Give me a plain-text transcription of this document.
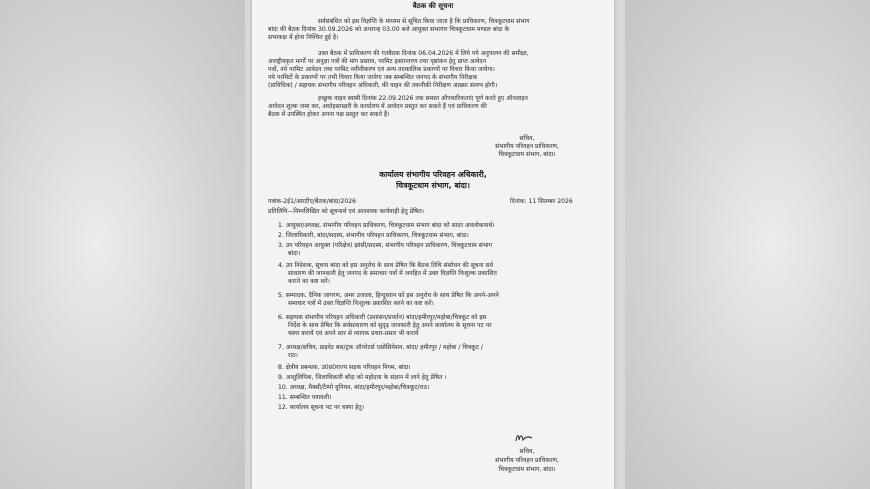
बैठक की सूचना
सर्वसंबंधित को इस विज्ञप्ति के माध्यम से सूचित किया जाता है कि प्राधिकरण, चित्रकूटधाम संभाग
बांदा की बैठक दिनांक 30.09.2026 को अपरान्ह 03.00 बजे आयुक्त सभागार चित्रकूटधाम मण्डल बांदा के
सभाकक्ष में होना निश्चित हुई है।
उक्त बैठक में प्राधिकरण की गतबैठक दिनांक 06.04.2026 में लिये गये अनुपालन की समीक्षा,
अराष्ट्रीयकृत मार्गों पर अनुज्ञा पत्रों की मांग प्रस्ताव, परमिट हस्तान्तरण तथा पृष्ठांकन हेतु प्राप्त आवेदन
पत्रों, नये परमिट आवेदन तथा परमिट नवीनीकरण एवं अन्य तात्कालिक प्रकरणों पर विचार किया जायेगा।
नये परमिटों के प्रकरणों पर तभी विचार किया जायेगा जब सम्बन्धित जनपद के संभागीय निरीक्षक
(प्राविधिक) / सहायक संभागीय परिवहन अधिकारी, की वाहन की तकनीकी निरीक्षण आख्या संलग्न होगी।
इच्छुक वाहन स्वामी दिनांक 22.09.2026 तक समस्त औपचारिकताएं पूर्ण करते हुए ऑनलाइन
आवेदन शुल्क जमा कर, अधोहस्ताक्षरी के कार्यालय में आवेदन प्रस्तुत कर सकते हैं एवं प्राधिकरण की
बैठक में उपस्थित होकर अपना पक्ष प्रस्तुत कर सकते हैं।
सचिव,
संभागीय परिवहन प्राधिकरण,
चित्रकूटधाम संभाग, बांदा।
कार्यालय संभागीय परिवहन अधिकारी,
चित्रकूटधाम संभाग, बांदा।
पत्रांक-2ई1/आरटीए/बैठक/बांदा/2026	दिनांक: 11 सितम्बर 2026
प्रतिलिपि—निम्नलिखित को सूचनार्थ एवं आवश्यक कार्यवाही हेतु प्रेषित।
1. आयुक्त/अध्यक्ष, संभागीय परिवहन प्राधिकरण, चित्रकूटधाम संभाग बांदा को सादर अवलोकनार्थ।
2. जिलाधिकारी, बांदा/सदस्य, संभागीय परिवहन प्राधिकरण, चित्रकूटधाम संभाग, बांदा।
3. उप परिवहन आयुक्त (परिक्षेत्र) झांसी/सदस्य, संभागीय परिवहन प्राधिकरण, चित्रकूटधाम संभाग
बांदा।
4. उप निदेशक, सूचना बांदा को इस अनुरोध के साथ प्रेषित कि बैठक तिथि संसोधन की सूचना सर्व
साधारण की जानकारी हेतु जनपद के समाचार पत्रों में जनहित में उक्त विज्ञप्ति निःशुल्क प्रकाशित
कराने का कष्ट करें।
5. सम्पादक, दैनिक जागरण, अमर उजाला, हिन्दुस्तान को इस अनुरोध के साथ प्रेषित कि अपने-अपने
समाचार पत्रों में उक्त विज्ञप्ति निःशुल्क प्रकाशित करने का कष्ट करें।
6. सहायक संभागीय परिवहन अधिकारी (प्रशासन/प्रवर्तन) बांदा/हमीरपुर/महोबा/चित्रकूट को इस
निर्देश के साथ प्रेषित कि सर्वसाधारण को सुदृढ़ जानकारी हेतु अपने कार्यालय के सूचना पट पर
चस्पा करायें एवं अपने स्तर से व्यापक प्रचार-प्रसार भी करायें
7. अध्यक्ष/सचिव, प्राइवेट बस/ट्रक ऑपरेटर्स एसोसियेशन, बांदा/ हमीरपुर / महोबा / चित्रकूट /
राठ।
8. क्षेत्रीय प्रबन्धक, उ0प्र0राज्य सड़क परिवहन निगम, बांदा।
9. आशुलिपिक, जिलाधिकारी बाँदा को महोदया के संज्ञान में लाने हेतु प्रेषित ।
10. अध्यक्ष, मैक्सी/टैम्पो यूनियन, बांदा/हमीरपुर/महोबा/चित्रकूट/राठ।
11. सम्बन्धित पत्रावली।
12. कार्यालय सूचना पट पर चस्पा हेतु।
सचिव,
संभागीय परिवहन प्राधिकरण,
चित्रकूटधाम संभाग, बांदा।
